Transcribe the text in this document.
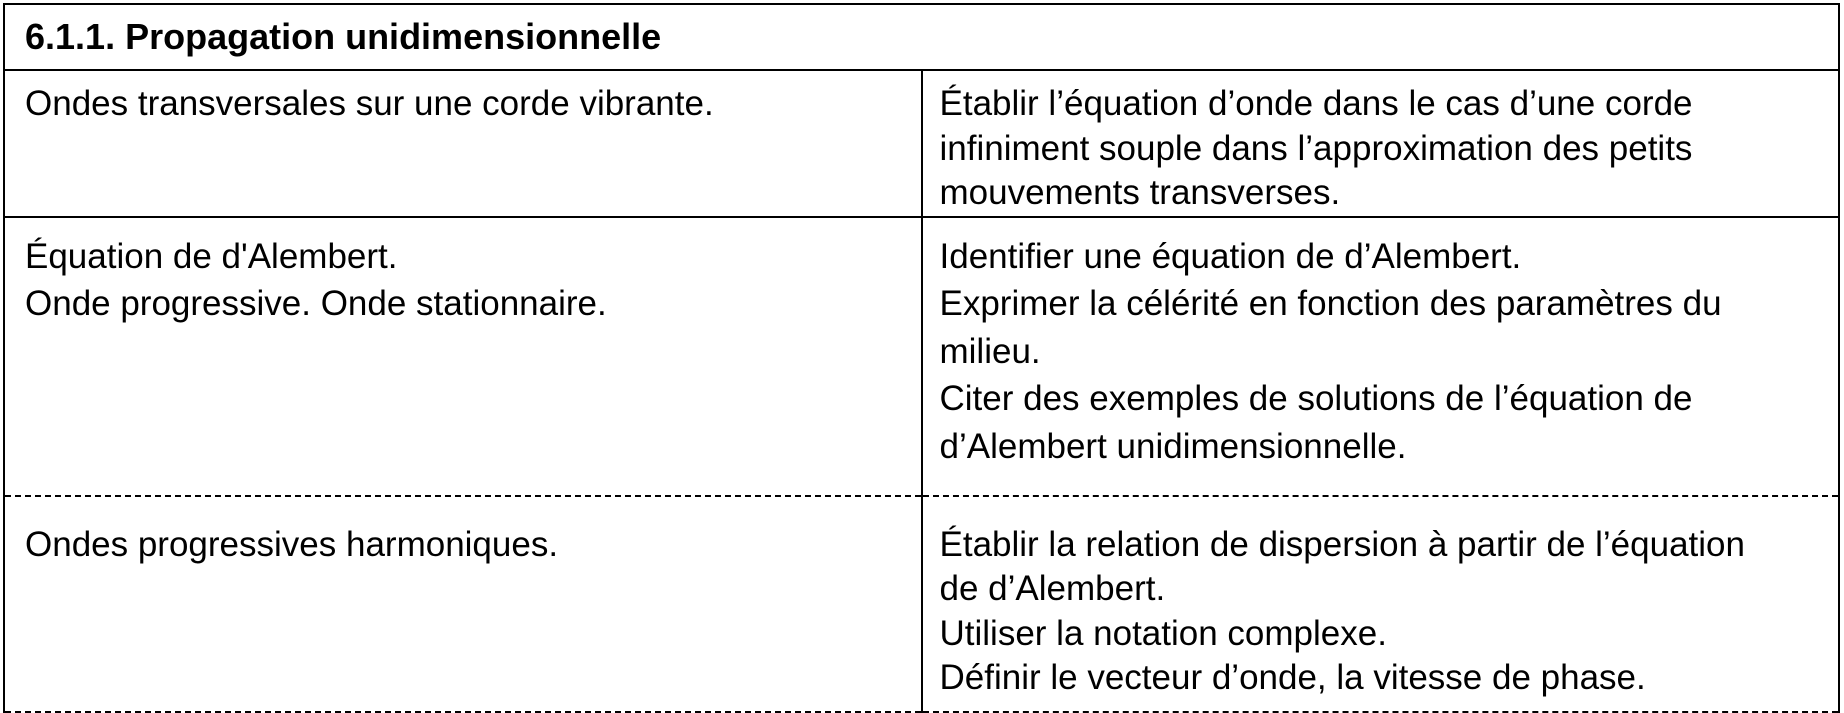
6.1.1. Propagation unidimensionnelle	

Ondes transversales sur une corde vibrante.	Établir l’équation d’onde dans le cas d’une corde
infiniment souple dans l’approximation des petits
mouvements transverses.

Équation de d'Alembert.
Onde progressive. Onde stationnaire.	Identifier une équation de d’Alembert.
Exprimer la célérité en fonction des paramètres du
milieu.
Citer des exemples de solutions de l’équation de
d’Alembert unidimensionnelle.

Ondes progressives harmoniques.	Établir la relation de dispersion à partir de l’équation
de d’Alembert.
Utiliser la notation complexe.
Définir le vecteur d’onde, la vitesse de phase.
